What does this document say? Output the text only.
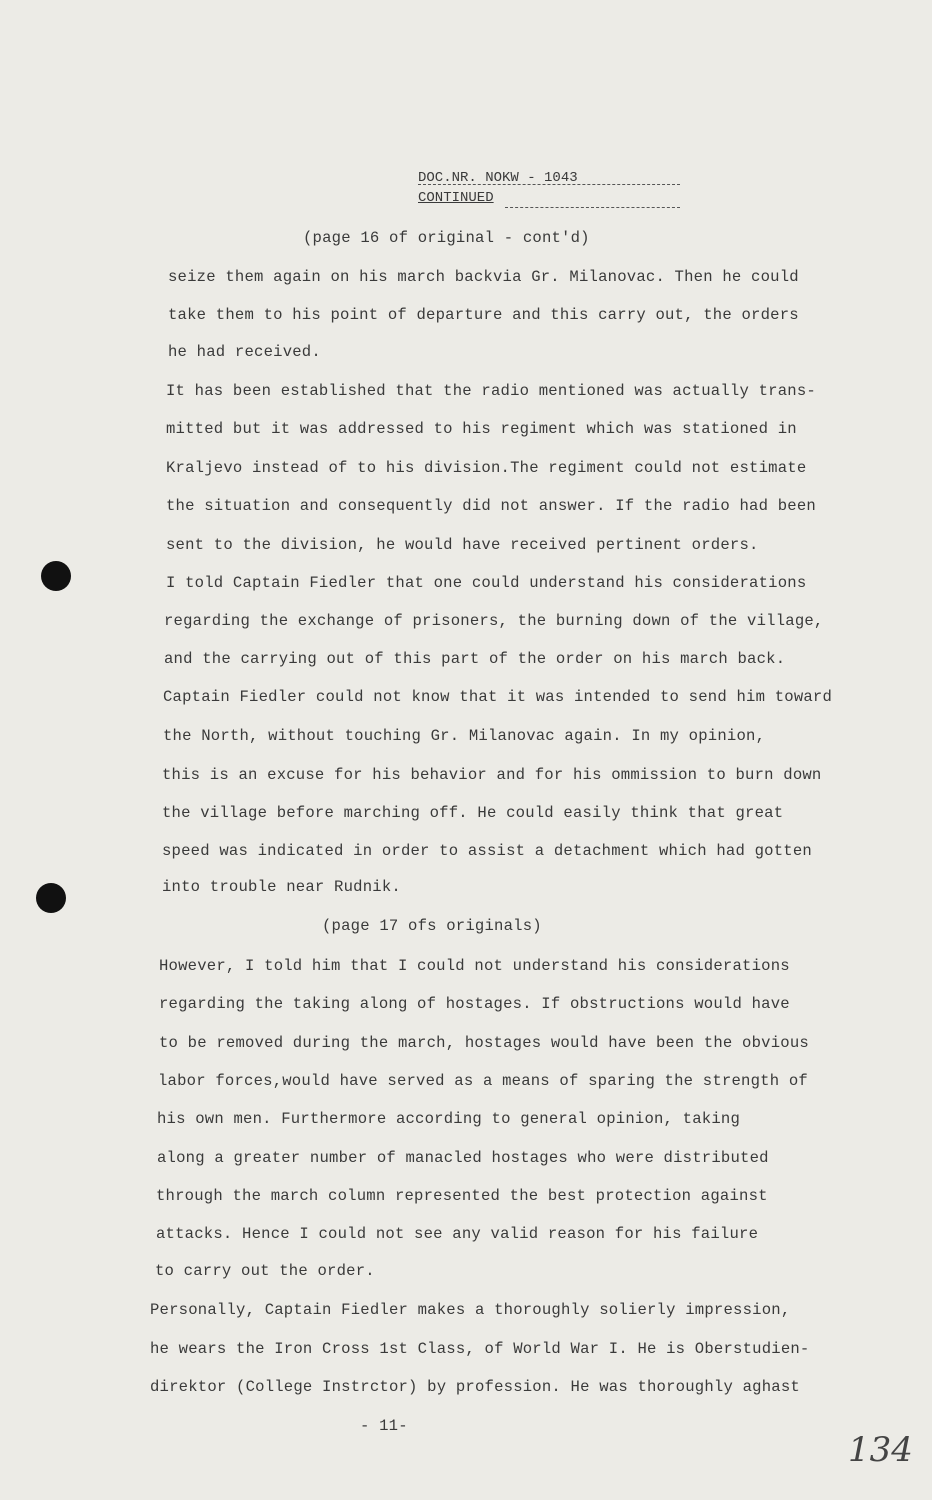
DOC.NR. NOKW - 1043
CONTINUED
(page 16 of original - cont'd)
seize them again on his march backvia Gr. Milanovac. Then he could
take them to his point of departure and this carry out, the orders
he had received.
It has been established that the radio mentioned was actually trans-
mitted but it was addressed to his regiment which was stationed in
Kraljevo instead of to his division.The regiment could not estimate
the situation and consequently did not answer. If the radio had been
sent to the division, he would have received pertinent orders.
I told Captain Fiedler that one could understand his considerations
regarding the exchange of prisoners, the burning down of the village,
and the carrying out of this part of the order on his march back.
Captain Fiedler could not know that it was intended to send him toward
the North, without touching Gr. Milanovac again. In my opinion,
this is an excuse for his behavior and for his ommission to burn down
the village before marching off. He could easily think that great
speed was indicated in order to assist a detachment which had gotten
into trouble near Rudnik.
(page 17 ofs originals)
However, I told him that I could not understand his considerations
regarding the taking along of hostages. If obstructions would have
to be removed during the march, hostages would have been the obvious
labor forces,would have served as a means of sparing the strength of
his own men. Furthermore according to general opinion, taking
along a greater number of manacled hostages who were distributed
through the march column represented the best protection against
attacks. Hence I could not see any valid reason for his failure
to carry out the order.
Personally, Captain Fiedler makes a thoroughly solierly impression,
he wears the Iron Cross 1st Class, of World War I. He is Oberstudien-
direktor (College Instrctor) by profession. He was thoroughly aghast
- 11-
134
